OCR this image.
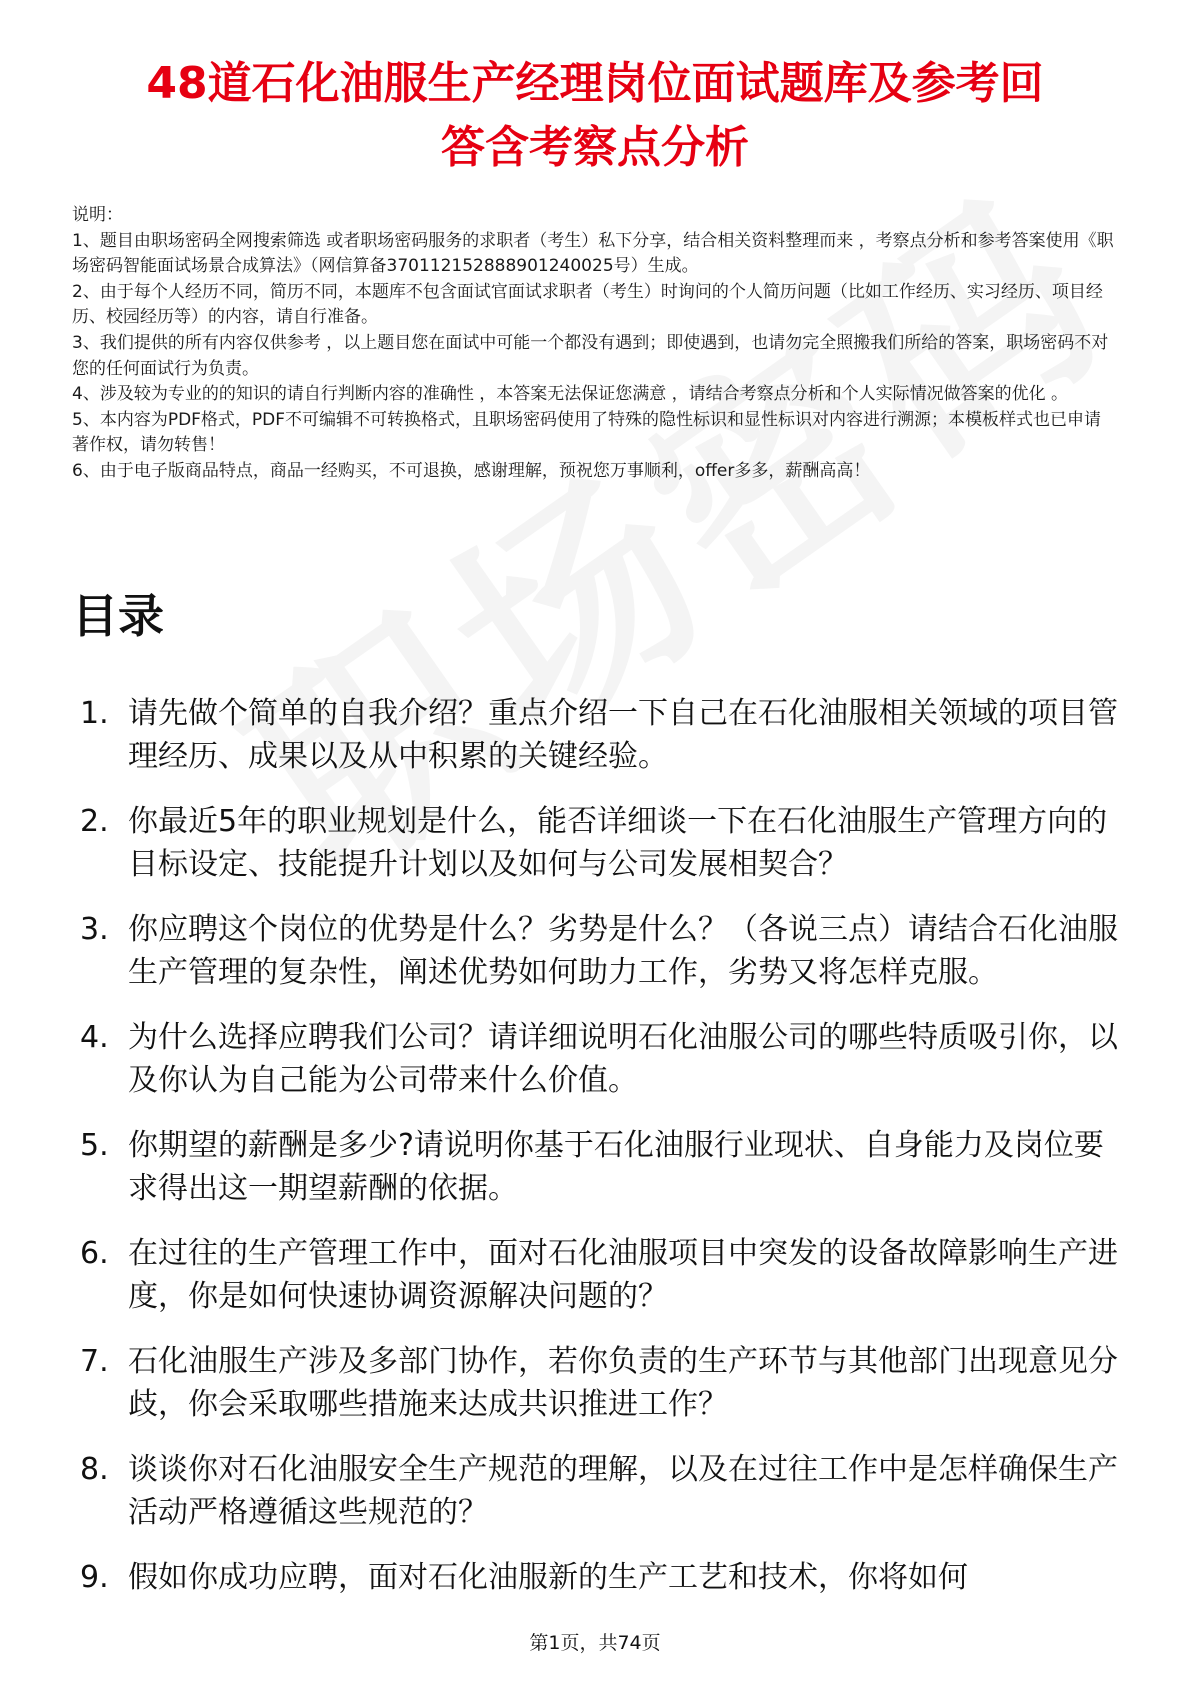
48道石化油服生产经理岗位面试题库及参考回
答含考察点分析

说明：

1、题目由职场密码全网搜索筛选 或者职场密码服务的求职者（考生）私下分享，结合相关资料整理而来 ，考察点分析和参考答案使用《职场密码智能面试场景合成算法》（网信算备370112152888901240025号）生成。

2、由于每个人经历不同，简历不同，本题库不包含面试官面试求职者（考生）时询问的个人简历问题（比如工作经历、实习经历、项目经历、校园经历等）的内容，请自行准备。

3、我们提供的所有内容仅供参考 ，以上题目您在面试中可能一个都没有遇到；即使遇到，也请勿完全照搬我们所给的答案，职场密码不对您的任何面试行为负责。

4、涉及较为专业的的知识的请自行判断内容的准确性 ，本答案无法保证您满意 ，请结合考察点分析和个人实际情况做答案的优化 。

5、本内容为PDF格式，PDF不可编辑不可转换格式，且职场密码使用了特殊的隐性标识和显性标识对内容进行溯源；本模板样式也已申请著作权，请勿转售！

6、由于电子版商品特点，商品一经购买，不可退换，感谢理解，预祝您万事顺利，offer多多，薪酬高高！

目录
1. 请先做个简单的自我介绍？重点介绍一下自己在石化油服相关领域的项目管理经历、成果以及从中积累的关键经验。
2. 你最近5年的职业规划是什么，能否详细谈一下在石化油服生产管理方向的目标设定、技能提升计划以及如何与公司发展相契合？
3. 你应聘这个岗位的优势是什么？劣势是什么？（各说三点）请结合石化油服生产管理的复杂性，阐述优势如何助力工作，劣势又将怎样克服。
4. 为什么选择应聘我们公司？请详细说明石化油服公司的哪些特质吸引你，以及你认为自己能为公司带来什么价值。
5. 你期望的薪酬是多少?请说明你基于石化油服行业现状、自身能力及岗位要求得出这一期望薪酬的依据。
6. 在过往的生产管理工作中，面对石化油服项目中突发的设备故障影响生产进度，你是如何快速协调资源解决问题的？
7. 石化油服生产涉及多部门协作，若你负责的生产环节与其他部门出现意见分歧，你会采取哪些措施来达成共识推进工作？
8. 谈谈你对石化油服安全生产规范的理解，以及在过往工作中是怎样确保生产活动严格遵循这些规范的？
9. 假如你成功应聘，面对石化油服新的生产工艺和技术，你将如何
第1页，共74页
